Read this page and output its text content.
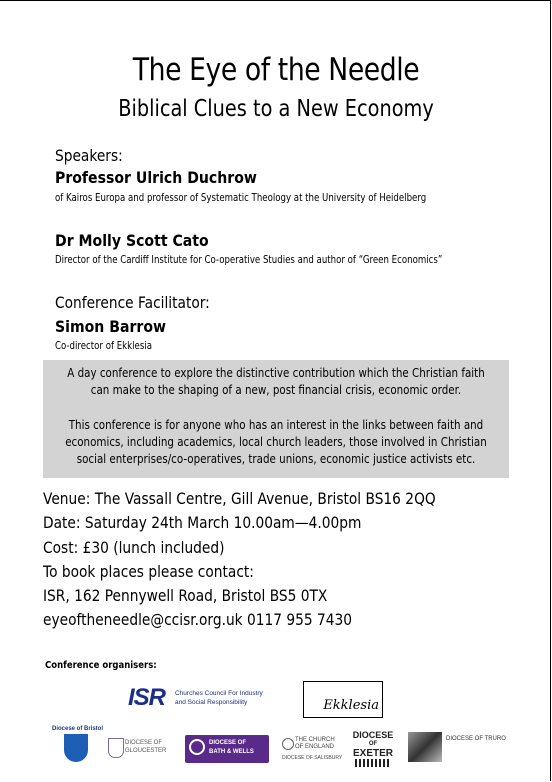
The Eye of the Needle
Biblical Clues to a New Economy
Speakers:
Professor Ulrich Duchrow
of Kairos Europa and professor of Systematic Theology at the University of Heidelberg
Dr Molly Scott Cato
Director of the Cardiff Institute for Co-operative Studies and author of “Green Economics”
Conference Facilitator:
Simon Barrow
Co-director of Ekklesia

A day conference to explore the distinctive contribution which the Christian faith can make to the shaping of a new, post financial crisis, economic order.

This conference is for anyone who has an interest in the links between faith and economics, including academics, local church leaders, those involved in Christian social enterprises/co-operatives, trade unions, economic justice activists etc.

Venue: The Vassall Centre, Gill Avenue, Bristol BS16 2QQ
Date: Saturday 24th March 10.00am—4.00pm
Cost: £30 (lunch included)
To book places please contact:
ISR, 162 Pennywell Road, Bristol BS5 0TX
eyeoftheneedle@ccisr.org.uk 0117 955 7430
Conference organisers:
ISR Churches Council For Industry
and Social Responsibility	Ekklesia
Diocese of Bristol
DIOCESE OF
GLOUCESTER
DIOCESE OF
BATH & WELLS
THE CHURCH
OF ENGLAND
DIOCESE OF SALISBURY
DIOCESE
OF
EXETER
DIOCESE OF TRURO
